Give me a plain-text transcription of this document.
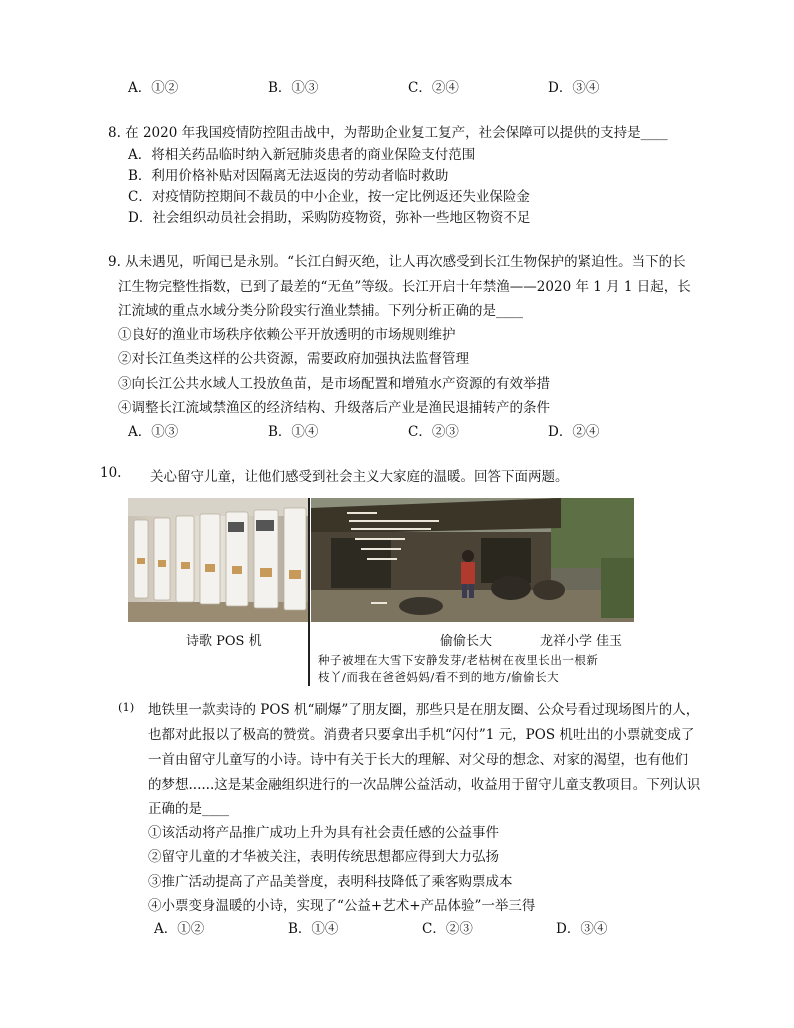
A．①②	B．①③	C．②④	D．③④
8. 在 2020 年我国疫情防控阻击战中，为帮助企业复工复产，社会保障可以提供的支持是____
A．将相关药品临时纳入新冠肺炎患者的商业保险支付范围
B．利用价格补贴对因隔离无法返岗的劳动者临时救助
C．对疫情防控期间不裁员的中小企业，按一定比例返还失业保险金
D．社会组织动员社会捐助，采购防疫物资，弥补一些地区物资不足
9. 从未遇见，听闻已是永别。“长江白鲟灭绝，让人再次感受到长江生物保护的紧迫性。当下的长
江生物完整性指数，已到了最差的“无鱼”等级。长江开启十年禁渔——2020 年 1 月 1 日起，长
江流域的重点水域分类分阶段实行渔业禁捕。下列分析正确的是____
①良好的渔业市场秩序依赖公平开放透明的市场规则维护
②对长江鱼类这样的公共资源，需要政府加强执法监督管理
③向长江公共水域人工投放鱼苗，是市场配置和增殖水产资源的有效举措
④调整长江流域禁渔区的经济结构、升级落后产业是渔民退捕转产的条件
A．①③	B．①④	C．②③	D．②④
10. 关心留守儿童，让他们感受到社会主义大家庭的温暖。回答下面两题。
诗歌 POS 机	偷偷长大	龙祥小学 佳玉
种子被埋在大雪下安静发芽/老枯树在夜里长出一根新
枝丫/而我在爸爸妈妈/看不到的地方/偷偷长大
(1) 地铁里一款卖诗的 POS 机“刷爆”了朋友圈，那些只是在朋友圈、公众号看过现场图片的人，
也都对此报以了极高的赞赏。消费者只要拿出手机“闪付”1 元，POS 机吐出的小票就变成了
一首由留守儿童写的小诗。诗中有关于长大的理解、对父母的想念、对家的渴望，也有他们
的梦想......这是某金融组织进行的一次品牌公益活动，收益用于留守儿童支教项目。下列认识
正确的是____
①该活动将产品推广成功上升为具有社会责任感的公益事件
②留守儿童的才华被关注，表明传统思想都应得到大力弘扬
③推广活动提高了产品美誉度，表明科技降低了乘客购票成本
④小票变身温暖的小诗，实现了“公益+艺术+产品体验”一举三得
A．①②	B．①④	C．②③	D．③④
